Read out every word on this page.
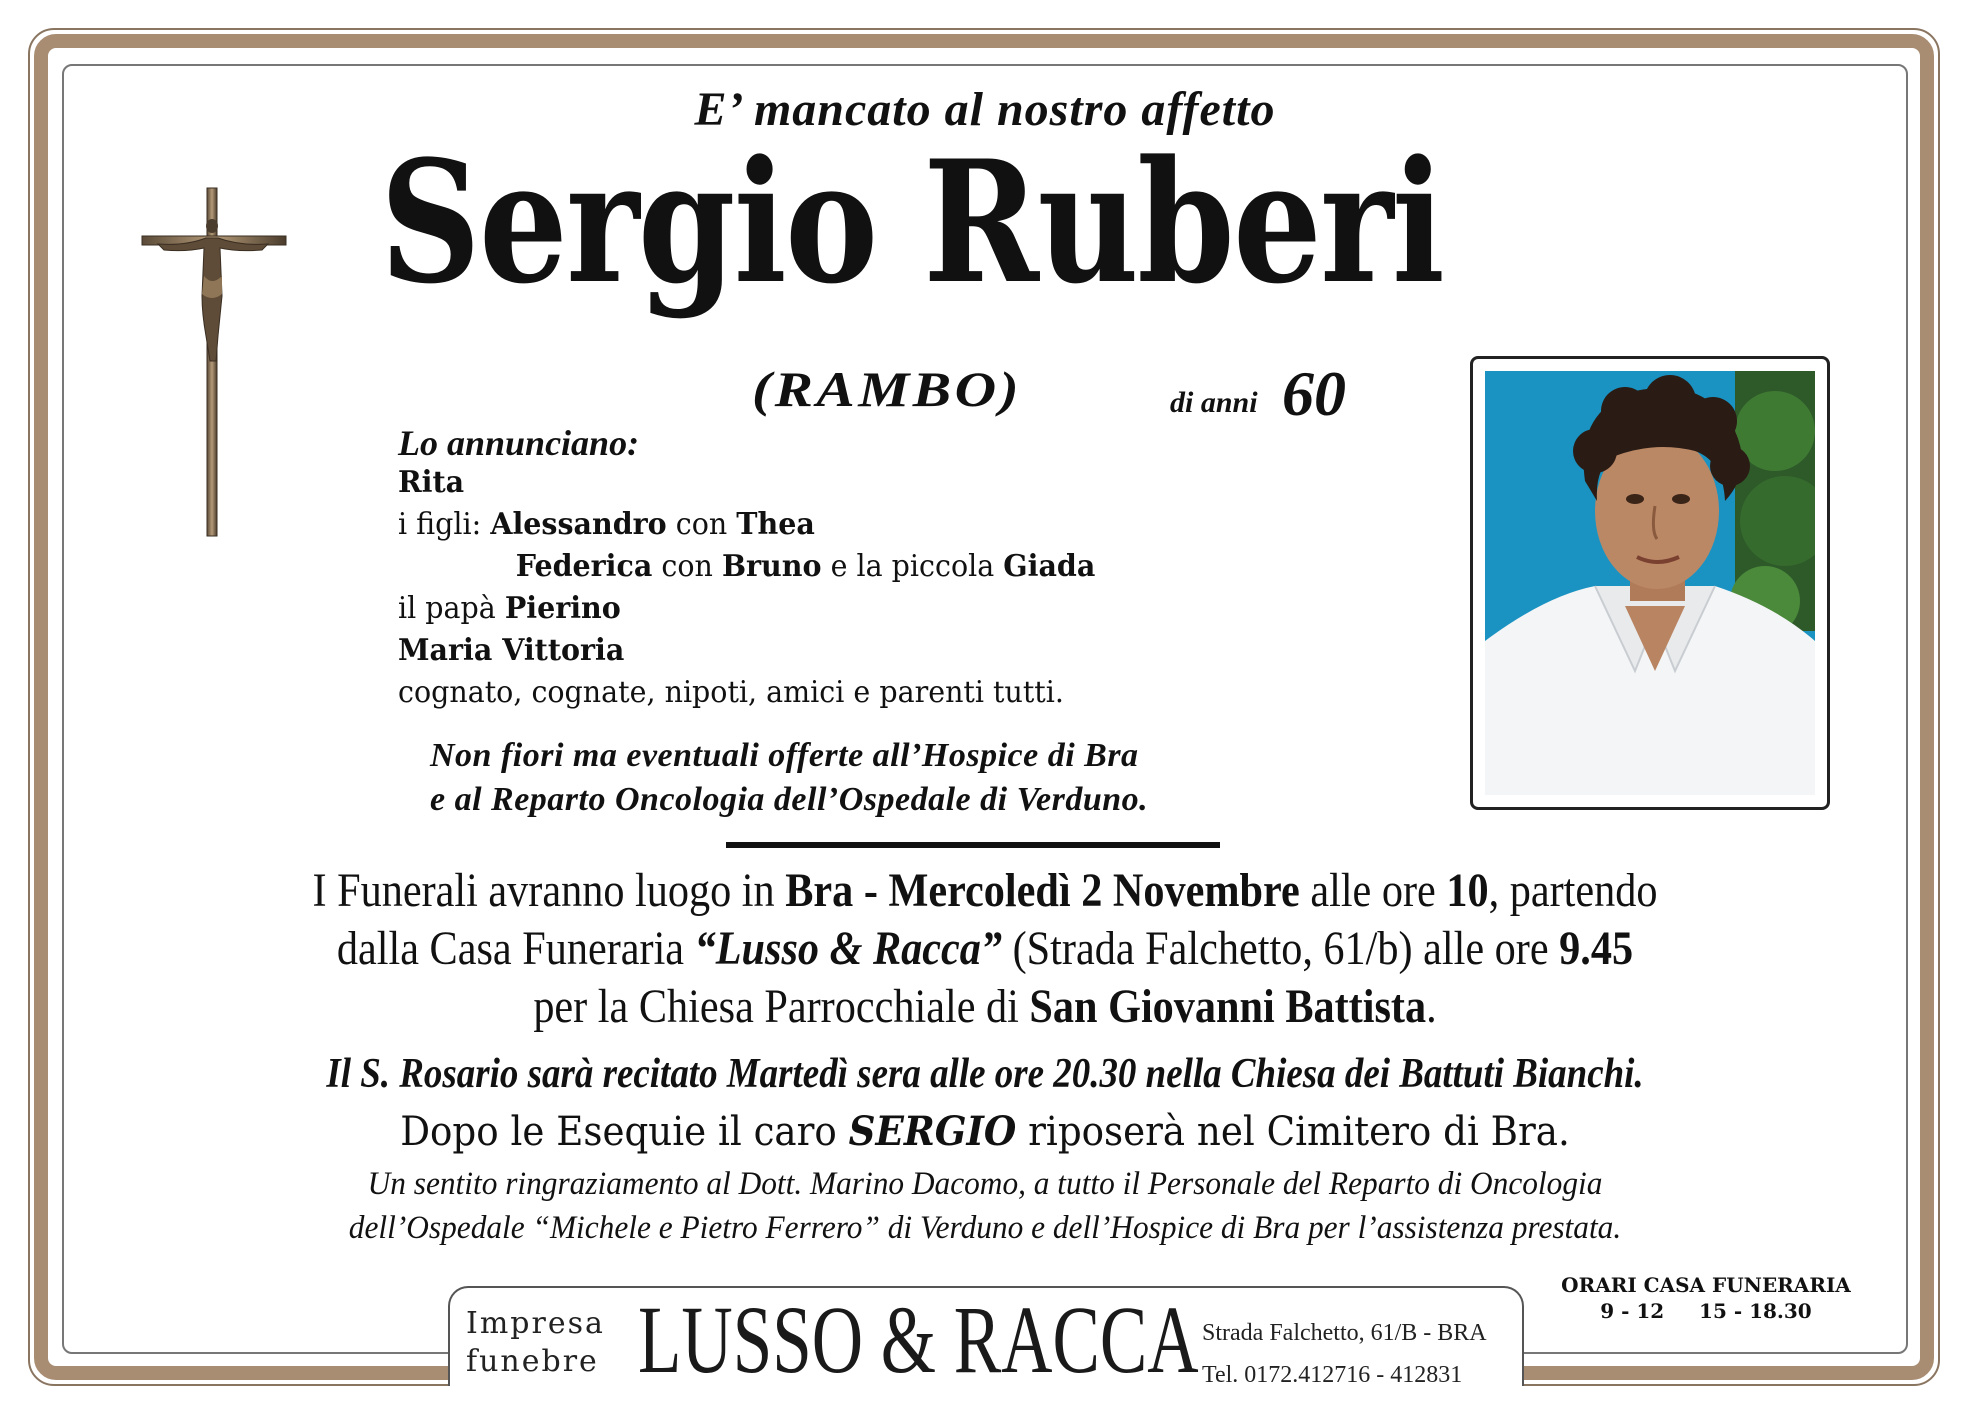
E’ mancato al nostro affetto
Sergio Ruberi
(RAMBO)	di anni 60
Lo annunciano:
Rita
i figli: Alessandro con Thea
Federica con Bruno e la piccola Giada
il papà Pierino
Maria Vittoria
cognato, cognate, nipoti, amici e parenti tutti.
Non fiori ma eventuali offerte all’Hospice di Bra
e al Reparto Oncologia dell’Ospedale di Verduno.
I Funerali avranno luogo in Bra - Mercoledì 2 Novembre alle ore 10, partendo
dalla Casa Funeraria “Lusso & Racca” (Strada Falchetto, 61/b) alle ore 9.45
per la Chiesa Parrocchiale di San Giovanni Battista.
Il S. Rosario sarà recitato Martedì sera alle ore 20.30 nella Chiesa dei Battuti Bianchi.
Dopo le Esequie il caro SERGIO riposerà nel Cimitero di Bra.
Un sentito ringraziamento al Dott. Marino Dacomo, a tutto il Personale del Reparto di Oncologia
dell’Ospedale “Michele e Pietro Ferrero” di Verduno e dell’Hospice di Bra per l’assistenza prestata.
Impresa
funebre LUSSO & RACCA Strada Falchetto, 61/B - BRA
Tel. 0172.412716 - 412831
ORARI CASA FUNERARIA
9 - 12     15 - 18.30
